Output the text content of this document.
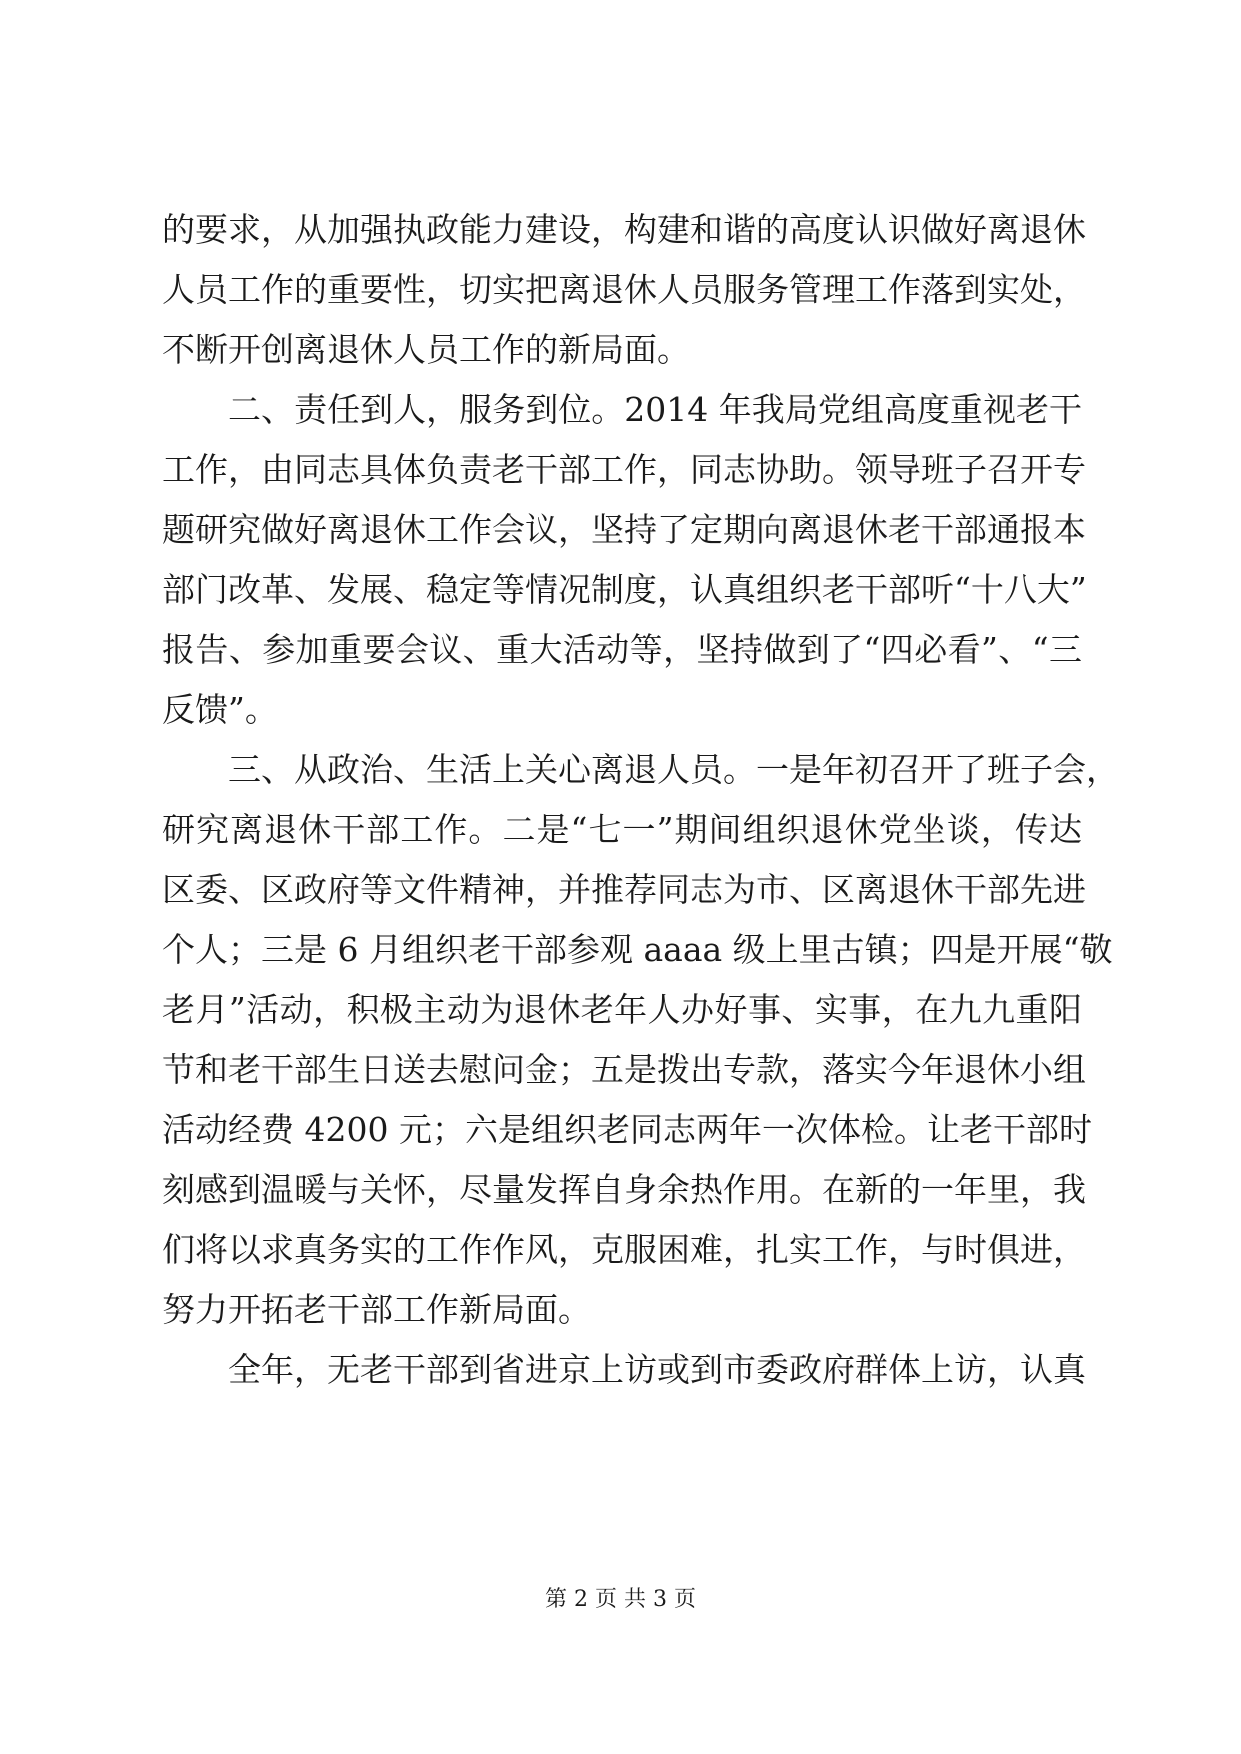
的要求，从加强执政能力建设，构建和谐的高度认识做好离退休
人员工作的重要性，切实把离退休人员服务管理工作落到实处，
不断开创离退休人员工作的新局面。
　　二、责任到人，服务到位。2014 年我局党组高度重视老干
工作，由同志具体负责老干部工作，同志协助。领导班子召开专
题研究做好离退休工作会议，坚持了定期向离退休老干部通报本
部门改革、发展、稳定等情况制度，认真组织老干部听“十八大”
报告、参加重要会议、重大活动等，坚持做到了“四必看”、“三
反馈”。
　　三、从政治、生活上关心离退人员。一是年初召开了班子会，
研究离退休干部工作。二是“七一”期间组织退休党坐谈，传达
区委、区政府等文件精神，并推荐同志为市、区离退休干部先进
个人；三是 6 月组织老干部参观 aaaa 级上里古镇；四是开展“敬
老月”活动，积极主动为退休老年人办好事、实事，在九九重阳
节和老干部生日送去慰问金；五是拨出专款，落实今年退休小组
活动经费 4200 元；六是组织老同志两年一次体检。让老干部时
刻感到温暖与关怀，尽量发挥自身余热作用。在新的一年里，我
们将以求真务实的工作作风，克服困难，扎实工作，与时俱进，
努力开拓老干部工作新局面。
　　全年，无老干部到省进京上访或到市委政府群体上访，认真
第 2 页 共 3 页
